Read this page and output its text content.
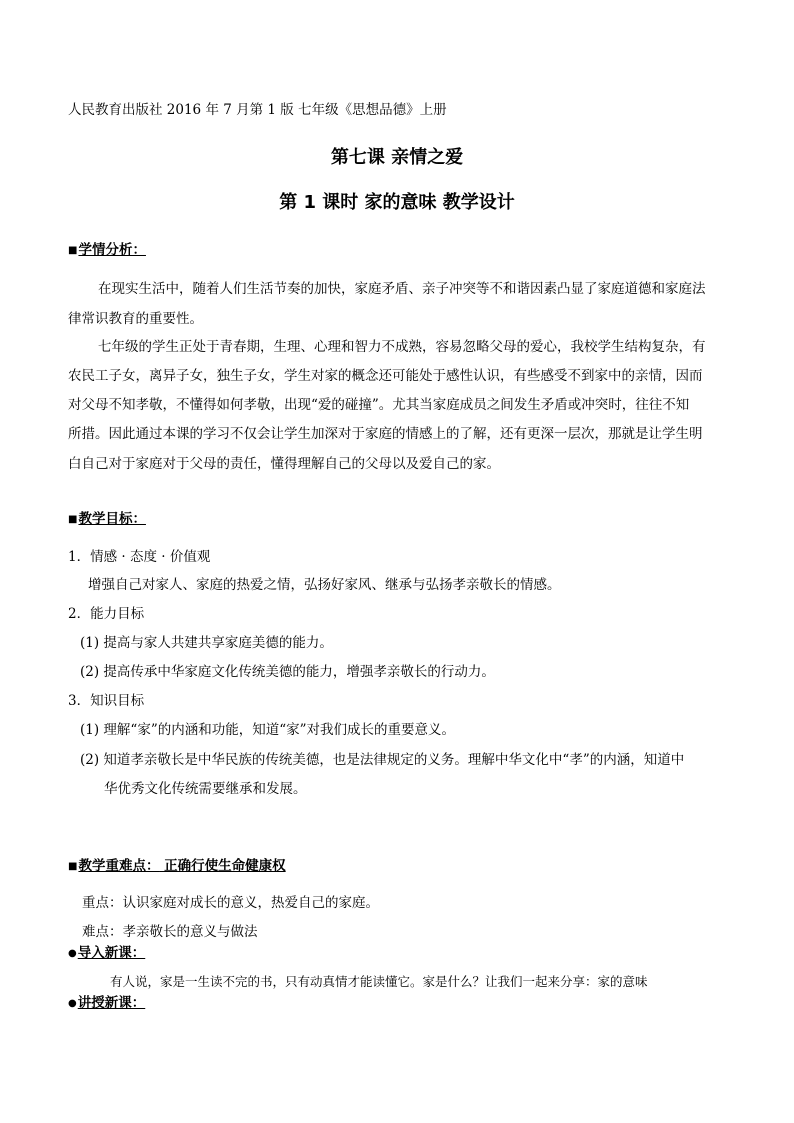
人民教育出版社 2016 年 7 月第 1 版 七年级《思想品德》上册
第七课 亲情之爱
第 1 课时 家的意味 教学设计
■学情分析：
在现实生活中，随着人们生活节奏的加快，家庭矛盾、亲子冲突等不和谐因素凸显了家庭道德和家庭法
律常识教育的重要性。
七年级的学生正处于青春期，生理、心理和智力不成熟，容易忽略父母的爱心，我校学生结构复杂，有
农民工子女，离异子女，独生子女，学生对家的概念还可能处于感性认识，有些感受不到家中的亲情，因而
对父母不知孝敬，不懂得如何孝敬，出现“爱的碰撞”。尤其当家庭成员之间发生矛盾或冲突时，往往不知
所措。因此通过本课的学习不仅会让学生加深对于家庭的情感上的了解，还有更深一层次，那就是让学生明
白自己对于家庭对于父母的责任，懂得理解自己的父母以及爱自己的家。
■教学目标：
1．情感 · 态度 · 价值观
增强自己对家人、家庭的热爱之情，弘扬好家风、继承与弘扬孝亲敬长的情感。
2．能力目标
(1) 提高与家人共建共享家庭美德的能力。
(2) 提高传承中华家庭文化传统美德的能力，增强孝亲敬长的行动力。
3．知识目标
(1) 理解“家”的内涵和功能，知道“家”对我们成长的重要意义。
(2) 知道孝亲敬长是中华民族的传统美德，也是法律规定的义务。理解中华文化中“孝”的内涵，知道中
华优秀文化传统需要继承和发展。
■教学重难点： 正确行使生命健康权
重点：认识家庭对成长的意义，热爱自己的家庭。
难点：孝亲敬长的意义与做法
●导入新课：
有人说，家是一生读不完的书，只有动真情才能读懂它。家是什么？让我们一起来分享：家的意味
●讲授新课：
